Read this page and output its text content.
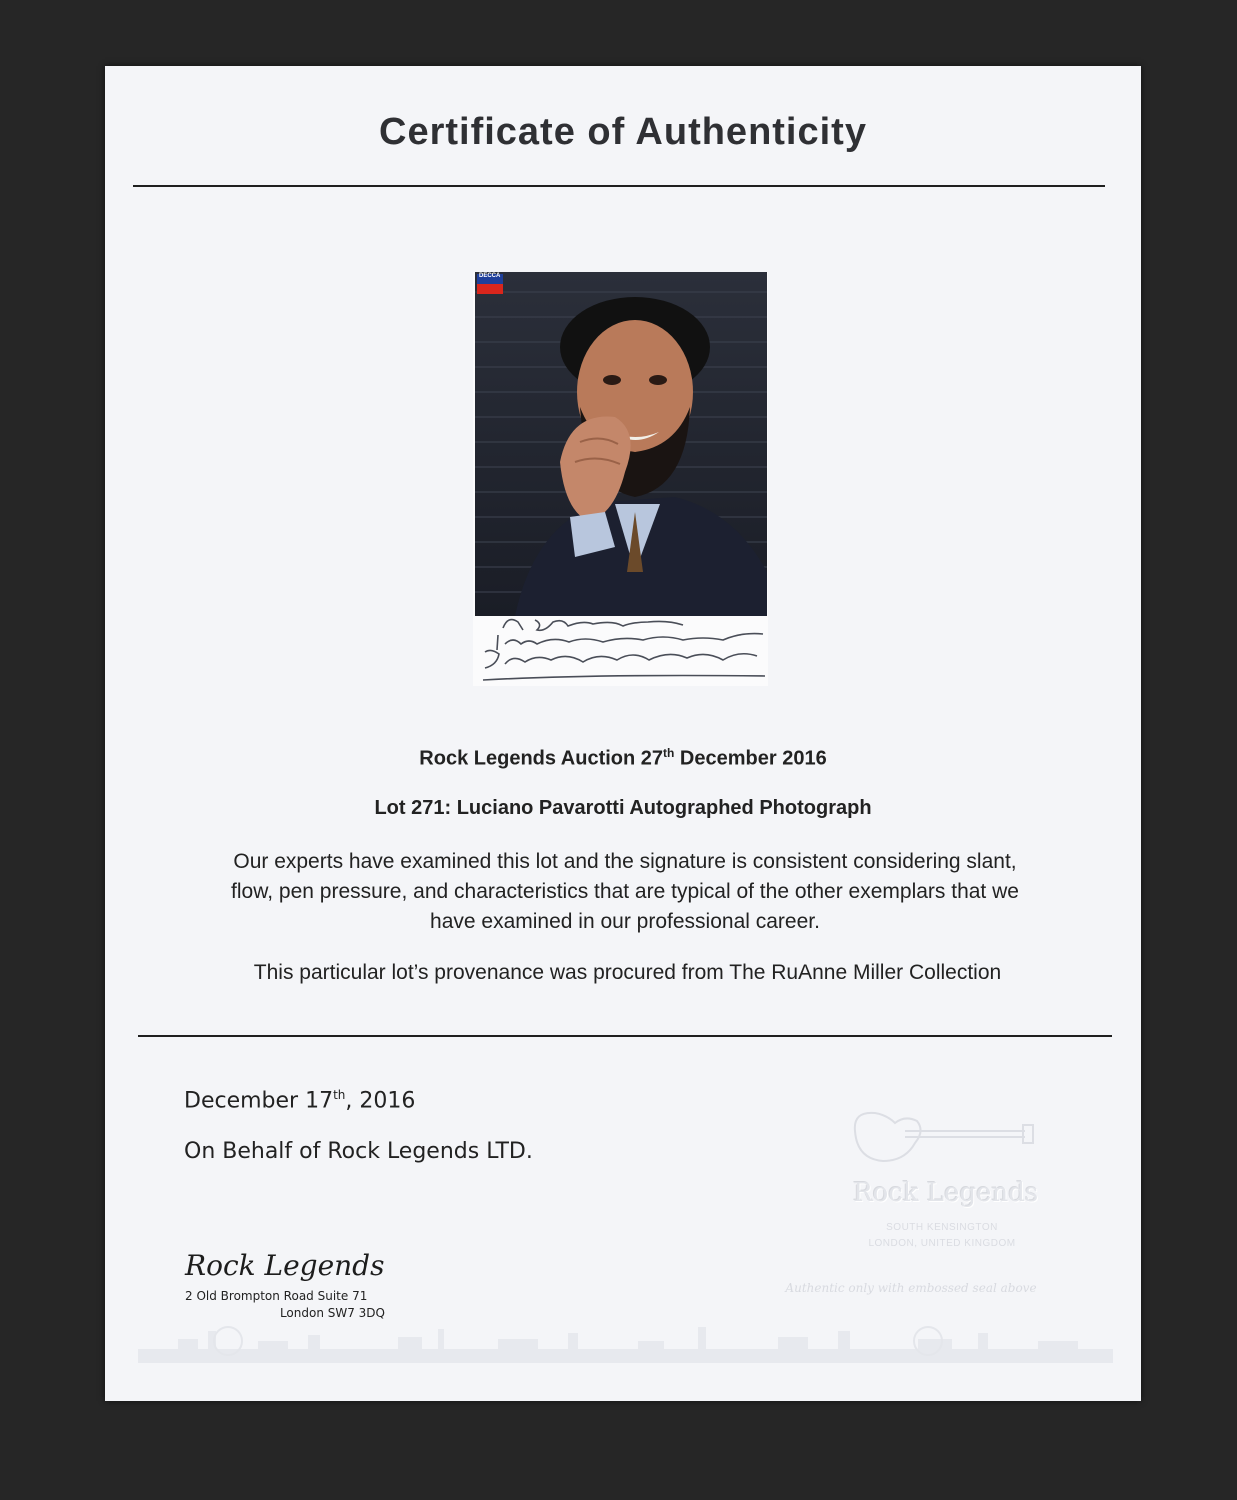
Certificate of Authenticity
DECCA
Rock Legends Auction 27th December 2016
Lot 271: Luciano Pavarotti Autographed Photograph
Our experts have examined this lot and the signature is consistent considering slant,
flow, pen pressure, and characteristics that are typical of the other exemplars that we
have examined in our professional career.
This particular lot’s provenance was procured from The RuAnne Miller Collection
December 17th, 2016
On Behalf of Rock Legends LTD.
Rock Legends
SOUTH KENSINGTON
LONDON, UNITED KINGDOM
Authentic only with embossed seal above
Rock Legends
2 Old Brompton Road Suite 71
London SW7 3DQ
